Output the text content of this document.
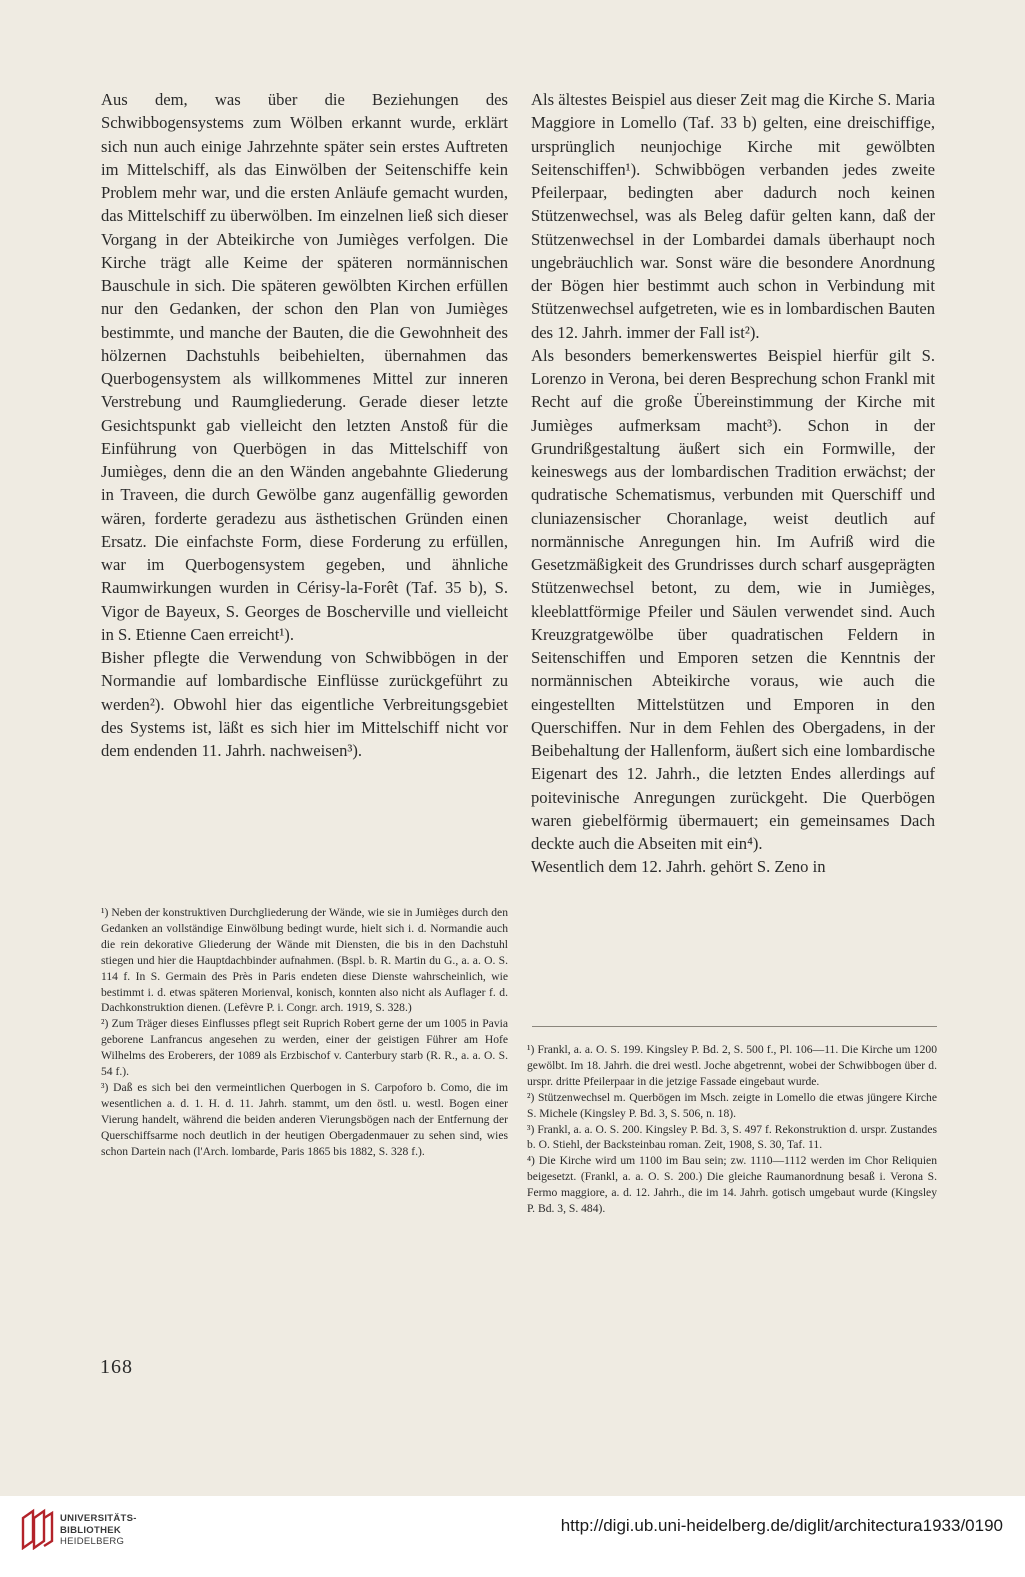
Aus dem, was über die Beziehungen des Schwibbogensystems zum Wölben erkannt wurde, erklärt sich nun auch einige Jahrzehnte später sein erstes Auftreten im Mittelschiff, als das Einwölben der Seitenschiffe kein Problem mehr war, und die ersten Anläufe gemacht wurden, das Mittelschiff zu überwölben. Im einzelnen ließ sich dieser Vorgang in der Abteikirche von Jumièges verfolgen. Die Kirche trägt alle Keime der späteren normännischen Bauschule in sich. Die späteren gewölbten Kirchen erfüllen nur den Gedanken, der schon den Plan von Jumièges bestimmte, und manche der Bauten, die die Gewohnheit des hölzernen Dachstuhls beibehielten, übernahmen das Querbogensystem als willkommenes Mittel zur inneren Verstrebung und Raumgliederung. Gerade dieser letzte Gesichtspunkt gab vielleicht den letzten Anstoß für die Einführung von Querbögen in das Mittelschiff von Jumièges, denn die an den Wänden angebahnte Gliederung in Traveen, die durch Gewölbe ganz augenfällig geworden wären, forderte geradezu aus ästhetischen Gründen einen Ersatz. Die einfachste Form, diese Forderung zu erfüllen, war im Querbogensystem gegeben, und ähnliche Raumwirkungen wurden in Cérisy-la-Forêt (Taf. 35 b), S. Vigor de Bayeux, S. Georges de Boscherville und vielleicht in S. Etienne Caen erreicht¹).

Bisher pflegte die Verwendung von Schwibbögen in der Normandie auf lombardische Einflüsse zurückgeführt zu werden²). Obwohl hier das eigentliche Verbreitungsgebiet des Systems ist, läßt es sich hier im Mittelschiff nicht vor dem endenden 11. Jahrh. nachweisen³).

¹) Neben der konstruktiven Durchgliederung der Wände, wie sie in Jumièges durch den Gedanken an vollständige Einwölbung bedingt wurde, hielt sich i. d. Normandie auch die rein dekorative Gliederung der Wände mit Diensten, die bis in den Dachstuhl stiegen und hier die Hauptdachbinder aufnahmen. (Bspl. b. R. Martin du G., a. a. O. S. 114 f. In S. Germain des Près in Paris endeten diese Dienste wahrscheinlich, wie bestimmt i. d. etwas späteren Morienval, konisch, konnten also nicht als Auflager f. d. Dachkonstruktion dienen. (Lefèvre P. i. Congr. arch. 1919, S. 328.)

²) Zum Träger dieses Einflusses pflegt seit Ruprich Robert gerne der um 1005 in Pavia geborene Lanfrancus angesehen zu werden, einer der geistigen Führer am Hofe Wilhelms des Eroberers, der 1089 als Erzbischof v. Canterbury starb (R. R., a. a. O. S. 54 f.).

³) Daß es sich bei den vermeintlichen Querbogen in S. Carpoforo b. Como, die im wesentlichen a. d. 1. H. d. 11. Jahrh. stammt, um den östl. u. westl. Bogen einer Vierung handelt, während die beiden anderen Vierungsbögen nach der Entfernung der Querschiffsarme noch deutlich in der heutigen Obergadenmauer zu sehen sind, wies schon Dartein nach (l'Arch. lombarde, Paris 1865 bis 1882, S. 328 f.).

Als ältestes Beispiel aus dieser Zeit mag die Kirche S. Maria Maggiore in Lomello (Taf. 33 b) gelten, eine dreischiffige, ursprünglich neunjochige Kirche mit gewölbten Seitenschiffen¹). Schwibbögen verbanden jedes zweite Pfeilerpaar, bedingten aber dadurch noch keinen Stützenwechsel, was als Beleg dafür gelten kann, daß der Stützenwechsel in der Lombardei damals überhaupt noch ungebräuchlich war. Sonst wäre die besondere Anordnung der Bögen hier bestimmt auch schon in Verbindung mit Stützenwechsel aufgetreten, wie es in lombardischen Bauten des 12. Jahrh. immer der Fall ist²).

Als besonders bemerkenswertes Beispiel hierfür gilt S. Lorenzo in Verona, bei deren Besprechung schon Frankl mit Recht auf die große Übereinstimmung der Kirche mit Jumièges aufmerksam macht³). Schon in der Grundrißgestaltung äußert sich ein Formwille, der keineswegs aus der lombardischen Tradition erwächst; der qudratische Schematismus, verbunden mit Querschiff und cluniazensischer Choranlage, weist deutlich auf normännische Anregungen hin. Im Aufriß wird die Gesetzmäßigkeit des Grundrisses durch scharf ausgeprägten Stützenwechsel betont, zu dem, wie in Jumièges, kleeblattförmige Pfeiler und Säulen verwendet sind. Auch Kreuzgratgewölbe über quadratischen Feldern in Seitenschiffen und Emporen setzen die Kenntnis der normännischen Abteikirche voraus, wie auch die eingestellten Mittelstützen und Emporen in den Querschiffen. Nur in dem Fehlen des Obergadens, in der Beibehaltung der Hallenform, äußert sich eine lombardische Eigenart des 12. Jahrh., die letzten Endes allerdings auf poitevinische Anregungen zurückgeht. Die Querbögen waren giebelförmig übermauert; ein gemeinsames Dach deckte auch die Abseiten mit ein⁴).

Wesentlich dem 12. Jahrh. gehört S. Zeno in

¹) Frankl, a. a. O. S. 199. Kingsley P. Bd. 2, S. 500 f., Pl. 106—11. Die Kirche um 1200 gewölbt. Im 18. Jahrh. die drei westl. Joche abgetrennt, wobei der Schwibbogen über d. urspr. dritte Pfeilerpaar in die jetzige Fassade eingebaut wurde.

²) Stützenwechsel m. Querbögen im Msch. zeigte in Lomello die etwas jüngere Kirche S. Michele (Kingsley P. Bd. 3, S. 506, n. 18).

³) Frankl, a. a. O. S. 200. Kingsley P. Bd. 3, S. 497 f. Rekonstruktion d. urspr. Zustandes b. O. Stiehl, der Backsteinbau roman. Zeit, 1908, S. 30, Taf. 11.

⁴) Die Kirche wird um 1100 im Bau sein; zw. 1110—1112 werden im Chor Reliquien beigesetzt. (Frankl, a. a. O. S. 200.) Die gleiche Raumanordnung besaß i. Verona S. Fermo maggiore, a. d. 12. Jahrh., die im 14. Jahrh. gotisch umgebaut wurde (Kingsley P. Bd. 3, S. 484).

168
UNIVERSITÄTS-
BIBLIOTHEK
HEIDELBERG
http://digi.ub.uni-heidelberg.de/diglit/architectura1933/0190
